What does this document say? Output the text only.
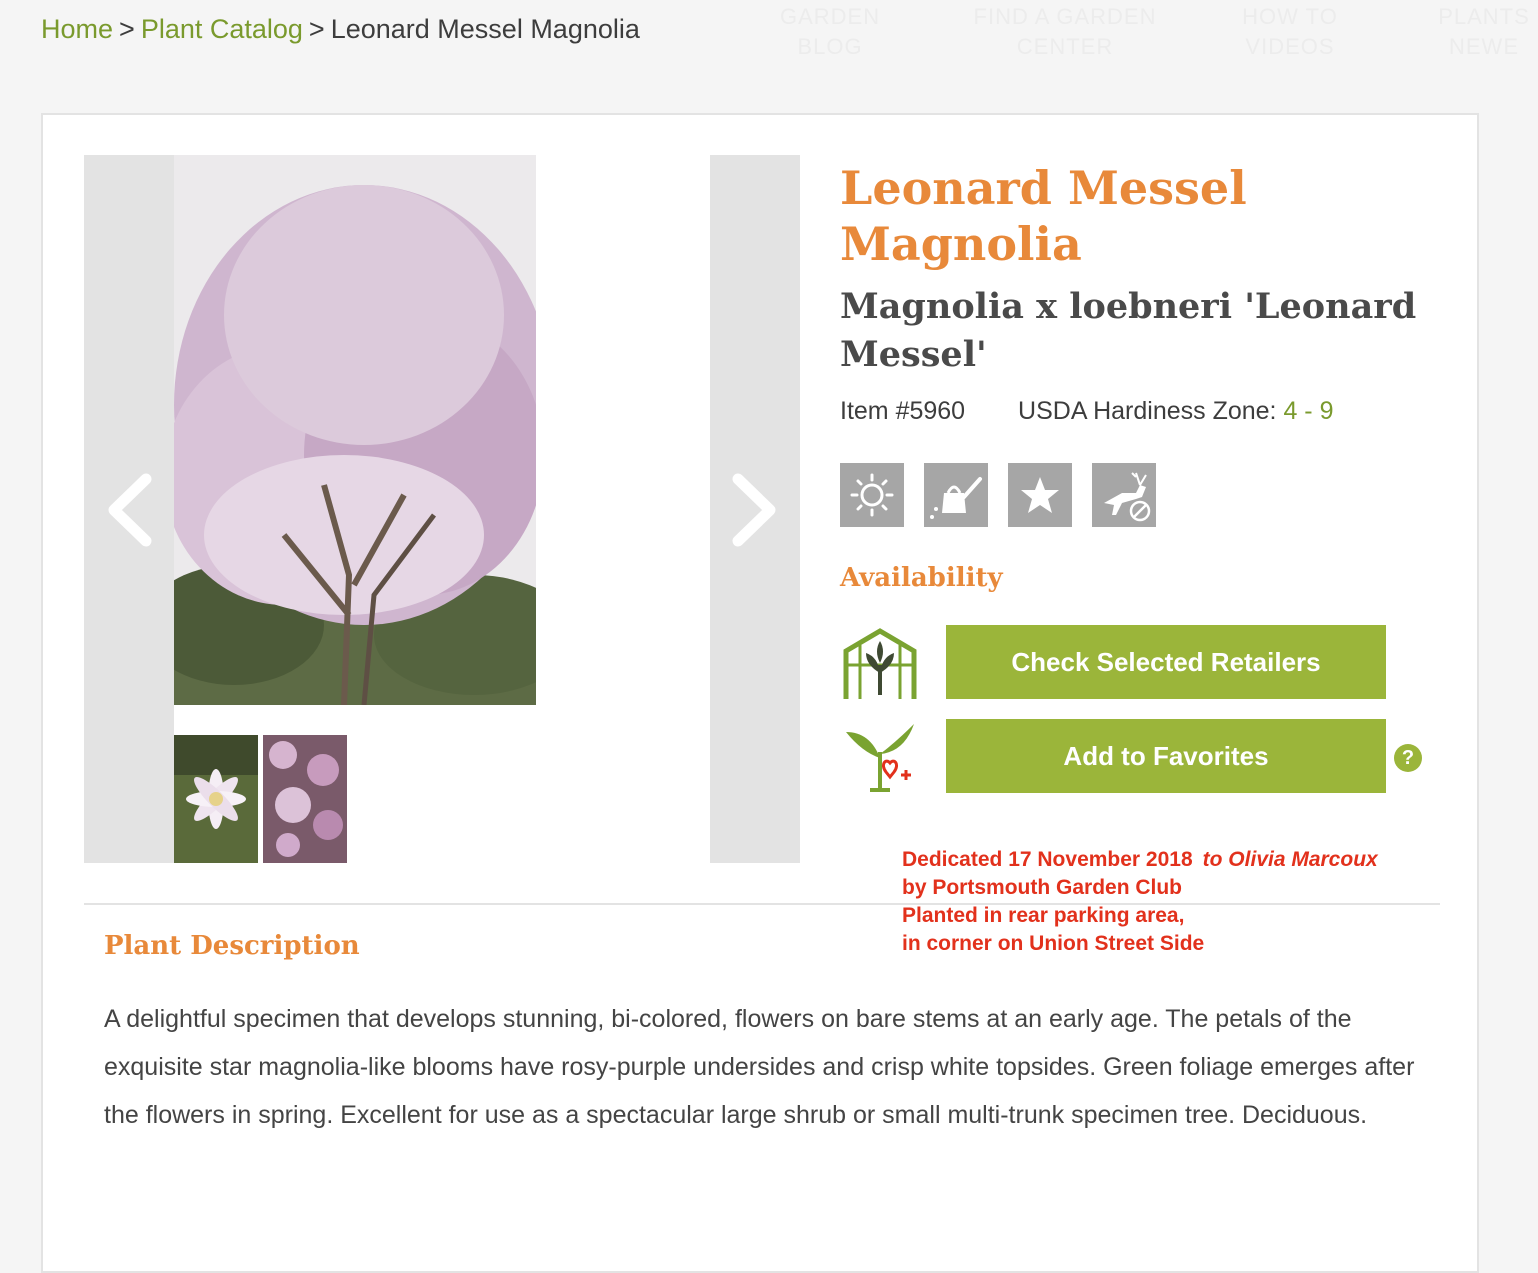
Home > Plant Catalog > Leonard Messel Magnolia	GARDEN BLOG
FIND A GARDEN CENTER
HOW TO VIDEOS
PLANTS NEWE
Leonard Messel Magnolia
Magnolia x loebneri 'Leonard Messel'
Item #5960 USDA Hardiness Zone: 4 - 9
Availability
Check Selected Retailers
Add to Favorites	?
Dedicated 17 November 2018 to Olivia Marcoux
by Portsmouth Garden Club
Planted in rear parking area,
in corner on Union Street Side
Plant Description

A delightful specimen that develops stunning, bi-colored, flowers on bare stems at an early age. The petals of the exquisite star magnolia-like blooms have rosy-purple undersides and crisp white topsides. Green foliage emerges after the flowers in spring. Excellent for use as a spectacular large shrub or small multi-trunk specimen tree. Deciduous.
